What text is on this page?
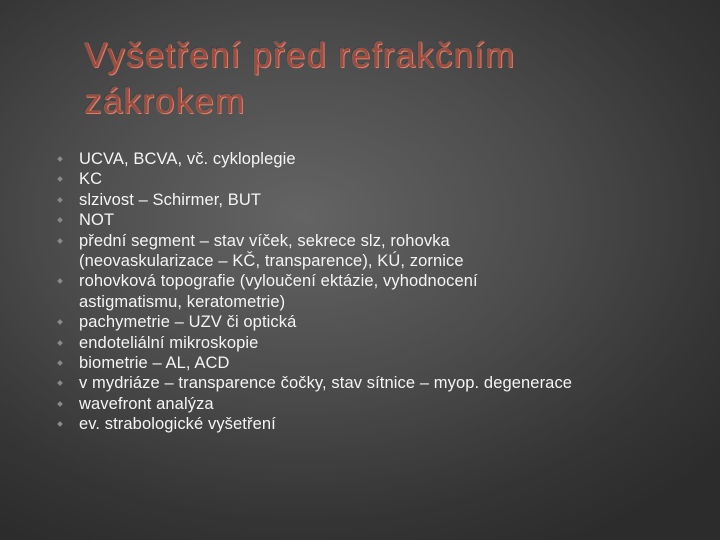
Vyšetření před refrakčním
zákrokem
UCVA, BCVA, vč. cykloplegie
KC
slzivost – Schirmer, BUT
NOT
přední segment – stav víček, sekrece slz, rohovka
(neovaskularizace – KČ, transparence), KÚ, zornice
rohovková topografie (vyloučení ektázie, vyhodnocení
astigmatismu, keratometrie)
pachymetrie – UZV či optická
endoteliální mikroskopie
biometrie – AL, ACD
v mydriáze – transparence čočky, stav sítnice – myop. degenerace
wavefront analýza
ev. strabologické vyšetření
